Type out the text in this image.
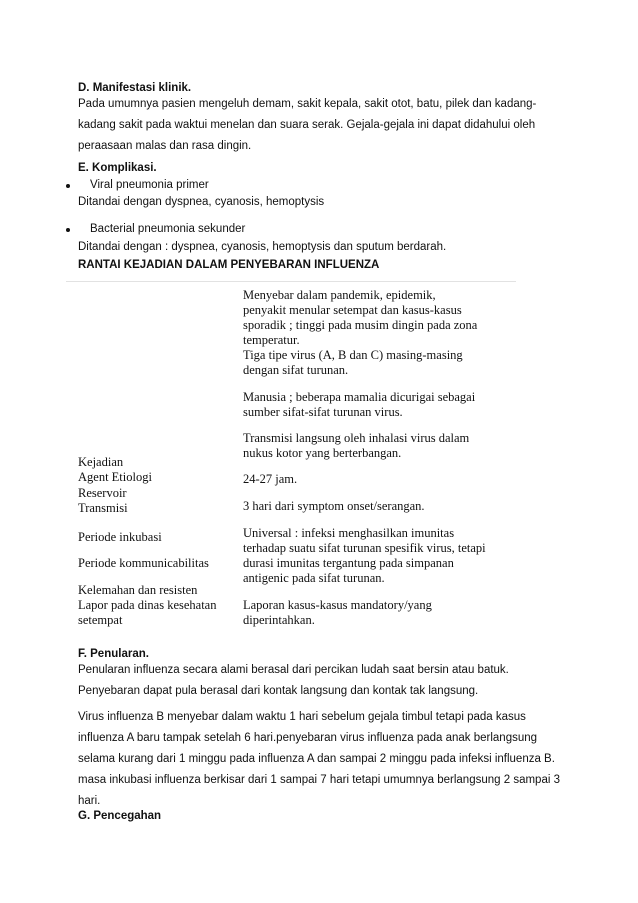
D. Manifestasi klinik.

Pada umumnya pasien mengeluh demam, sakit kepala, sakit otot, batu, pilek dan kadang-

kadang sakit pada waktui menelan dan suara serak. Gejala-gejala ini dapat didahului oleh

peraasaan malas dan rasa dingin.

E. Komplikasi.
Viral pneumonia primer
Ditandai dengan dyspnea, cyanosis, hemoptysis
Bacterial pneumonia sekunder
Ditandai dengan : dyspnea, cyanosis, hemoptysis dan sputum berdarah.
RANTAI KEJADIAN DALAM PENYEBARAN INFLUENZA
Kejadian
Agent Etiologi
Reservoir
Transmisi
Periode inkubasi
Periode kommunicabilitas
Kelemahan dan resisten
Lapor pada dinas kesehatan
setempat

Menyebar dalam pandemik, epidemik,

penyakit menular setempat dan kasus-kasus

sporadik ; tinggi pada musim dingin pada zona

temperatur.

Tiga tipe virus (A, B dan C) masing-masing

dengan sifat turunan.

Manusia ; beberapa mamalia dicurigai sebagai

sumber sifat-sifat turunan virus.

Transmisi langsung oleh inhalasi virus dalam

nukus kotor yang berterbangan.

24-27 jam.
3 hari dari symptom onset/serangan.

Universal : infeksi menghasilkan imunitas

terhadap suatu sifat turunan spesifik virus, tetapi

durasi imunitas tergantung pada simpanan

antigenic pada sifat turunan.

Laporan kasus-kasus mandatory/yang

diperintahkan.

F. Penularan.

Penularan influenza secara alami berasal dari percikan ludah saat bersin atau batuk.

Penyebaran dapat pula berasal dari kontak langsung dan kontak tak langsung.

Virus influenza B menyebar dalam waktu 1 hari sebelum gejala timbul tetapi pada kasus

influenza A baru tampak setelah 6 hari.penyebaran virus influenza pada anak berlangsung

selama kurang dari 1 minggu pada influenza A dan sampai 2 minggu pada infeksi influenza B.

masa inkubasi influenza berkisar dari 1 sampai 7 hari tetapi umumnya berlangsung 2 sampai 3

hari.

G. Pencegahan
